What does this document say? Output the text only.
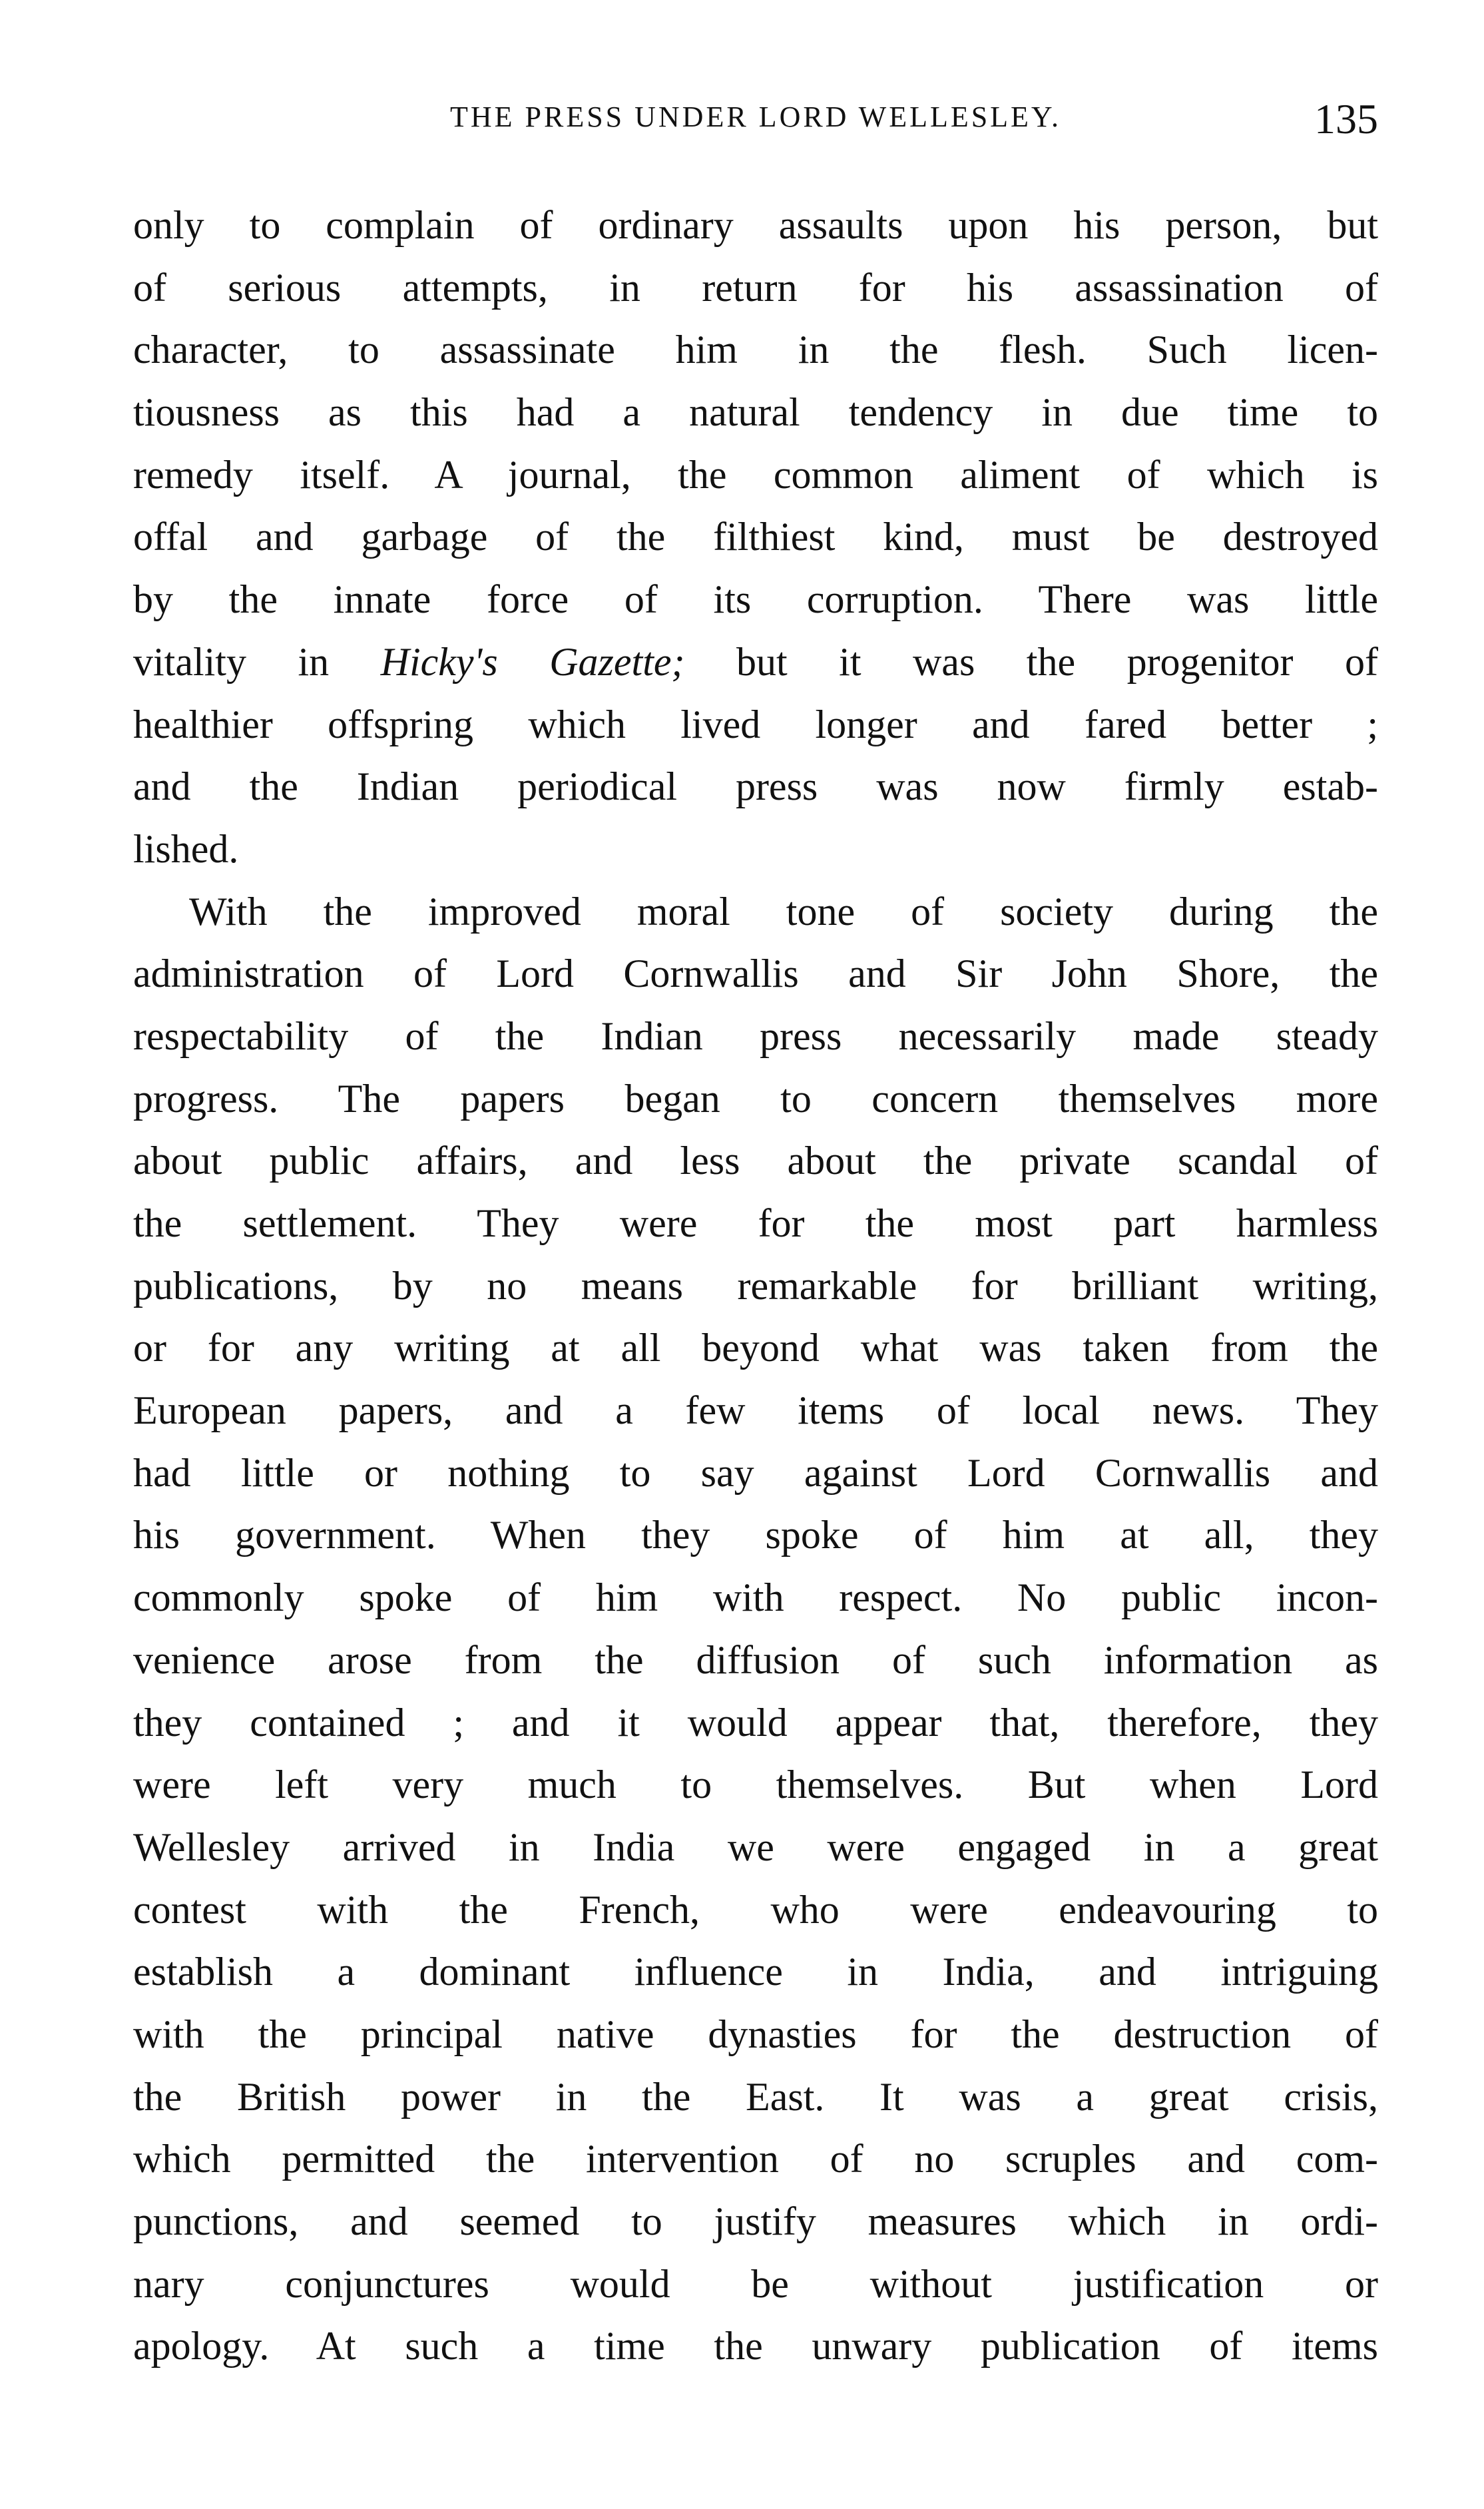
THE PRESS UNDER LORD WELLESLEY.	135
only to complain of ordinary assaults upon his person, but
of serious attempts, in return for his assassination of
character, to assassinate him in the flesh. Such licen-
tiousness as this had a natural tendency in due time to
remedy itself. A journal, the common aliment of which is
offal and garbage of the filthiest kind, must be destroyed
by the innate force of its corruption. There was little
vitality in Hicky's Gazette; but it was the progenitor of
healthier offspring which lived longer and fared better ;
and the Indian periodical press was now firmly estab-
lished.
With the improved moral tone of society during the
administration of Lord Cornwallis and Sir John Shore, the
respectability of the Indian press necessarily made steady
progress. The papers began to concern themselves more
about public affairs, and less about the private scandal of
the settlement. They were for the most part harmless
publications, by no means remarkable for brilliant writing,
or for any writing at all beyond what was taken from the
European papers, and a few items of local news. They
had little or nothing to say against Lord Cornwallis and
his government. When they spoke of him at all, they
commonly spoke of him with respect. No public incon-
venience arose from the diffusion of such information as
they contained ; and it would appear that, therefore, they
were left very much to themselves. But when Lord
Wellesley arrived in India we were engaged in a great
contest with the French, who were endeavouring to
establish a dominant influence in India, and intriguing
with the principal native dynasties for the destruction of
the British power in the East. It was a great crisis,
which permitted the intervention of no scruples and com-
punctions, and seemed to justify measures which in ordi-
nary conjunctures would be without justification or
apology. At such a time the unwary publication of items
